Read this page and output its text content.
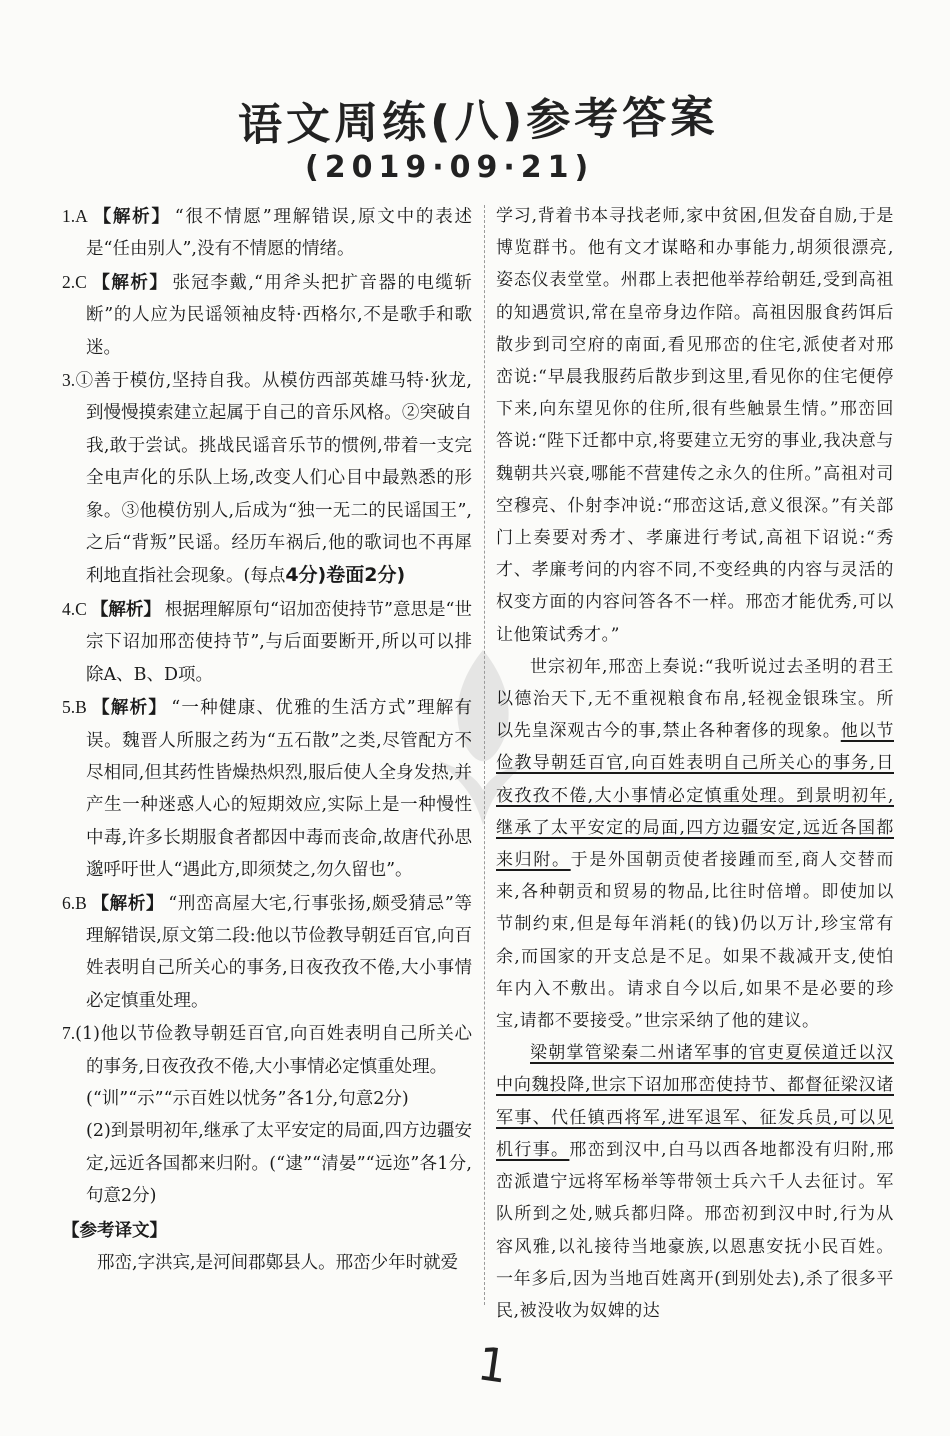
语文周练(八)参考答案
(2019·09·21)

1.A 【解析】 “很不情愿”理解错误,原文中的表述是“任由别人”,没有不情愿的情绪。

2.C 【解析】 张冠李戴,“用斧头把扩音器的电缆斩断”的人应为民谣领袖皮特·西格尔,不是歌手和歌迷。

3.①善于模仿,坚持自我。从模仿西部英雄马特·狄龙,到慢慢摸索建立起属于自己的音乐风格。②突破自我,敢于尝试。挑战民谣音乐节的惯例,带着一支完全电声化的乐队上场,改变人们心目中最熟悉的形象。③他模仿别人,后成为“独一无二的民谣国王”,之后“背叛”民谣。经历车祸后,他的歌词也不再犀利地直指社会现象。(每点4分)卷面2分)

4.C 【解析】 根据理解原句“诏加峦使持节”意思是“世宗下诏加邢峦使持节”,与后面要断开,所以可以排除A、B、D项。

5.B 【解析】 “一种健康、优雅的生活方式”理解有误。魏晋人所服之药为“五石散”之类,尽管配方不尽相同,但其药性皆燥热炽烈,服后使人全身发热,并产生一种迷惑人心的短期效应,实际上是一种慢性中毒,许多长期服食者都因中毒而丧命,故唐代孙思邈呼吁世人“遇此方,即须焚之,勿久留也”。

6.B 【解析】 “刑峦高屋大宅,行事张扬,颇受猜忌”等理解错误,原文第二段:他以节俭教导朝廷百官,向百姓表明自己所关心的事务,日夜孜孜不倦,大小事情必定慎重处理。

7.(1)他以节俭教导朝廷百官,向百姓表明自己所关心的事务,日夜孜孜不倦,大小事情必定慎重处理。

(“训”“示”“示百姓以忧务”各1分,句意2分)

(2)到景明初年,继承了太平安定的局面,四方边疆安定,远近各国都来归附。(“逮”“清晏”“远迩”各1分,句意2分)

【参考译文】

邢峦,字洪宾,是河间郡鄚县人。邢峦少年时就爱

学习,背着书本寻找老师,家中贫困,但发奋自励,于是博览群书。他有文才谋略和办事能力,胡须很漂亮,姿态仪表堂堂。州郡上表把他举荐给朝廷,受到高祖的知遇赏识,常在皇帝身边作陪。高祖因服食药饵后散步到司空府的南面,看见邢峦的住宅,派使者对邢峦说:“早晨我服药后散步到这里,看见你的住宅便停下来,向东望见你的住所,很有些触景生情。”邢峦回答说:“陛下迁都中京,将要建立无穷的事业,我决意与魏朝共兴衰,哪能不营建传之永久的住所。”高祖对司空穆亮、仆射李冲说:“邢峦这话,意义很深。”有关部门上奏要对秀才、孝廉进行考试,高祖下诏说:“秀才、孝廉考问的内容不同,不变经典的内容与灵活的权变方面的内容问答各不一样。邢峦才能优秀,可以让他策试秀才。”

世宗初年,邢峦上奏说:“我听说过去圣明的君王以德治天下,无不重视粮食布帛,轻视金银珠宝。所以先皇深观古今的事,禁止各种奢侈的现象。他以节俭教导朝廷百官,向百姓表明自己所关心的事务,日夜孜孜不倦,大小事情必定慎重处理。到景明初年,继承了太平安定的局面,四方边疆安定,远近各国都来归附。于是外国朝贡使者接踵而至,商人交替而来,各种朝贡和贸易的物品,比往时倍增。即使加以节制约束,但是每年消耗(的钱)仍以万计,珍宝常有余,而国家的开支总是不足。如果不裁减开支,使怕年内入不敷出。请求自今以后,如果不是必要的珍宝,请都不要接受。”世宗采纳了他的建议。

梁朝掌管梁秦二州诸军事的官吏夏侯道迁以汉中向魏投降,世宗下诏加邢峦使持节、都督征梁汉诸军事、代任镇西将军,进军退军、征发兵员,可以见机行事。邢峦到汉中,白马以西各地都没有归附,邢峦派遣宁远将军杨举等带领士兵六千人去征讨。军队所到之处,贼兵都归降。邢峦初到汉中时,行为从容风雅,以礼接待当地豪族,以恩惠安抚小民百姓。一年多后,因为当地百姓离开(到别处去),杀了很多平民,被没收为奴婢的达

1
